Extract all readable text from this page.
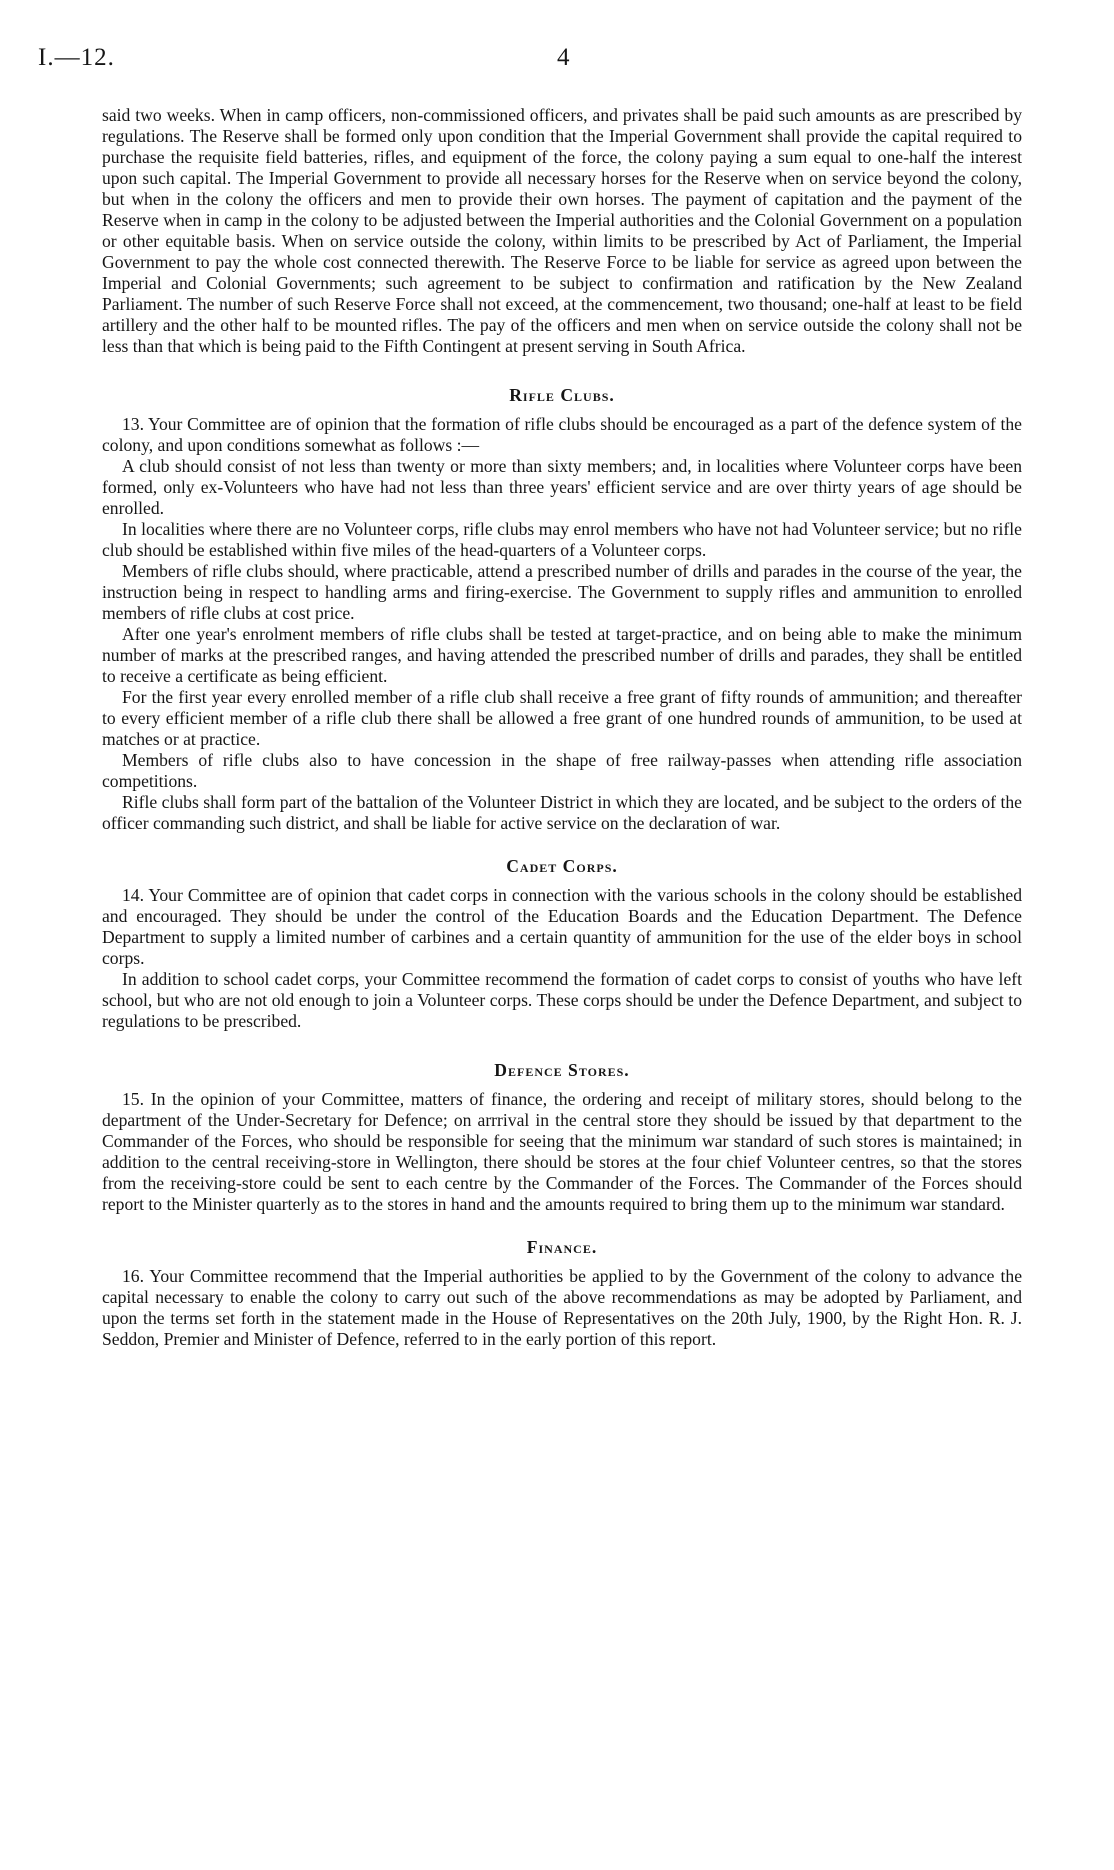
I.—12.	4

said two weeks. When in camp officers, non-commissioned officers, and privates shall be paid such amounts as are prescribed by regulations. The Reserve shall be formed only upon condition that the Imperial Government shall provide the capital required to purchase the requisite field batteries, rifles, and equipment of the force, the colony paying a sum equal to one-half the interest upon such capital. The Imperial Government to provide all necessary horses for the Reserve when on service beyond the colony, but when in the colony the officers and men to provide their own horses. The payment of capitation and the payment of the Reserve when in camp in the colony to be adjusted between the Imperial authorities and the Colonial Government on a population or other equitable basis. When on service outside the colony, within limits to be prescribed by Act of Parliament, the Imperial Government to pay the whole cost connected therewith. The Reserve Force to be liable for service as agreed upon between the Imperial and Colonial Governments; such agreement to be subject to confirmation and ratification by the New Zealand Parliament. The number of such Reserve Force shall not exceed, at the commencement, two thousand; one-half at least to be field artillery and the other half to be mounted rifles. The pay of the officers and men when on service outside the colony shall not be less than that which is being paid to the Fifth Contingent at present serving in South Africa.

Rifle Clubs.

13. Your Committee are of opinion that the formation of rifle clubs should be encouraged as a part of the defence system of the colony, and upon conditions somewhat as follows :—

A club should consist of not less than twenty or more than sixty members; and, in localities where Volunteer corps have been formed, only ex-Volunteers who have had not less than three years' efficient service and are over thirty years of age should be enrolled.

In localities where there are no Volunteer corps, rifle clubs may enrol members who have not had Volunteer service; but no rifle club should be established within five miles of the head-quarters of a Volunteer corps.

Members of rifle clubs should, where practicable, attend a prescribed number of drills and parades in the course of the year, the instruction being in respect to handling arms and firing-exercise. The Government to supply rifles and ammunition to enrolled members of rifle clubs at cost price.

After one year's enrolment members of rifle clubs shall be tested at target-practice, and on being able to make the minimum number of marks at the prescribed ranges, and having attended the prescribed number of drills and parades, they shall be entitled to receive a certificate as being efficient.

For the first year every enrolled member of a rifle club shall receive a free grant of fifty rounds of ammunition; and thereafter to every efficient member of a rifle club there shall be allowed a free grant of one hundred rounds of ammunition, to be used at matches or at practice.

Members of rifle clubs also to have concession in the shape of free railway-passes when attending rifle association competitions.

Rifle clubs shall form part of the battalion of the Volunteer District in which they are located, and be subject to the orders of the officer commanding such district, and shall be liable for active service on the declaration of war.

Cadet Corps.

14. Your Committee are of opinion that cadet corps in connection with the various schools in the colony should be established and encouraged. They should be under the control of the Education Boards and the Education Department. The Defence Department to supply a limited number of carbines and a certain quantity of ammunition for the use of the elder boys in school corps.

In addition to school cadet corps, your Committee recommend the formation of cadet corps to consist of youths who have left school, but who are not old enough to join a Volunteer corps. These corps should be under the Defence Department, and subject to regulations to be prescribed.

Defence Stores.

15. In the opinion of your Committee, matters of finance, the ordering and receipt of military stores, should belong to the department of the Under-Secretary for Defence; on arrrival in the central store they should be issued by that department to the Commander of the Forces, who should be responsible for seeing that the minimum war standard of such stores is maintained; in addition to the central receiving-store in Wellington, there should be stores at the four chief Volunteer centres, so that the stores from the receiving-store could be sent to each centre by the Commander of the Forces. The Commander of the Forces should report to the Minister quarterly as to the stores in hand and the amounts required to bring them up to the minimum war standard.

Finance.

16. Your Committee recommend that the Imperial authorities be applied to by the Government of the colony to advance the capital necessary to enable the colony to carry out such of the above recommendations as may be adopted by Parliament, and upon the terms set forth in the statement made in the House of Representatives on the 20th July, 1900, by the Right Hon. R. J. Seddon, Premier and Minister of Defence, referred to in the early portion of this report.
